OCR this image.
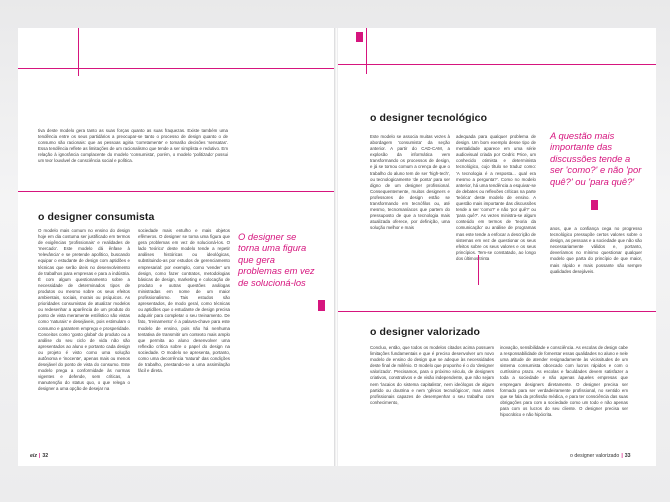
tiva deste modelo gera tanto as suas forças quanto as suas fraquezas. Existe também uma tendência entre os seus partidários a preocupar-se tanto o processo de design quanto o de consumo são racionais: que as pessoas agiria 'corretamente' e tomarão decisões 'sensatas'. Essa tendência reflete as limitações de um racionalismo que tende a ser simplista e redutivo. Em relação à ignorância complacente do modelo 'consumista', porém, o modelo 'politizado' possui um teor louvável de consciência social e política.

o designer consumista

O modelo mais comum no ensino do design hoje em dia costuma ser justificado em termos de exigências 'profissionais' e realidades de 'mercado'. Este modelo dá ênfase à 'relevância' e se pretende apolítico, buscando equipar o estudante de design com aptidões e técnicas que serão úteis no desenvolvimento de trabalhos para empresas e para a indústria. É com algum questionamento sobre a necessidade de determinados tipos de produtos ou mesmo sobre os seus efeitos ambientais, sociais, morais ou psíquicos. As prioridades consumistas de atualizar modelos ou redesenhar a aparência de um produto do ponto de vista meramente estilístico são vistas como 'naturais' e desejáveis, pois estimulam o consumo e garantem emprego e prosperidade. Conceitos como 'gosto global' do produto ou a análise do seu ciclo de vida não são apresentados ao aluno e portanto cada design ou projeto é visto como uma solução autônoma e 'inocente', apenas mais ou menos desejável do ponto de vista do consumo. Este modelo prega a conformidade às normas vigentes e defende, sem críticas, a manutenção do status quo, o que relega o designer a uma opção de desejar na

sociedade mais entulho e mais objetos efêmeros. O designer se torna uma figura que gera problemas em vez de solucioná-los. O lado 'teórico' deste modelo tende a repetir análises históricas ou ideológicas, substituindo-as por estudos de gerenciamento empresarial: por exemplo, como 'vender' um design, como fazer contratos, metodologias básicas de design, marketing e colocação de produto e outras questões análogas ministradas em nome de um maior profissionalismo. Tais estudos são apresentados, de modo geral, como técnicas ou aptidões que o estudante de design precisa adquirir para completar o seu treinamento. De fato, 'treinamento' é a palavra-chave para este modelo de ensino, pois não há nenhuma tentativa de transmitir um contexto mais amplo que permita ao aluno desenvolver uma reflexão crítica sobre o papel do design na sociedade. O modelo se apresenta, portanto, como uma decorrência 'natural' das condições de trabalho, prestando-se a uma assimilação fácil e direta.

O designer se torna uma figura que gera problemas em vez de solucioná-los

eiz | 32
o designer tecnológico

Este modelo se associa muitas vezes à abordagem 'consumista' da seção anterior. A partir do CAD-CAM, a explosão da informática vem transformando os processos de design, e já se tornou comum a crença de que o trabalho do aluno tem de ser 'high-tech', ou tecnologicamente 'de ponta' para ser digno de um designer profissional. Consequentemente, muitos designers e professores de design estão se transformando em tecnófilos ou, até mesmo, tecnomaníacos que partem do pressuposto de que a tecnologia mais atualizada oferece, por definição, uma solução melhor e mais

adequada para qualquer problema de design. Um bom exemplo desse tipo de mentalidade aparece em uma série audiovisual criada por Cedric Price, um conhecido otimista e determinista tecnológico, cujo título se traduz como: 'A tecnologia é a resposta... qual era mesmo a pergunta?'. Como no modelo anterior, há uma tendência a esquivar-se de debates ou reflexões críticas na parte 'teórica' deste modelo de ensino. A questão mais importante das discussões tende a ser 'como?' e não 'por quê?' ou 'para quê?'. As vezes ministra-se algum conteúdo em termos de 'teoria da comunicação' ou análise de programas mas este tende a enfocar a descrição de sistemas em vez de questionar os seus efeitos sobre os seus valores e os seus princípios. Tem-se constatado, ao longo dos últimos trinta

A questão mais importante das discussões tende a ser 'como?' e não 'por quê?' ou 'para quê?'

anos, que a confiança cega no progresso tecnológico pressupõe certos valores sobre o design, as pessoas e a sociedade que não são necessariamente válidos e, portanto, deveríamos no mínimo questionar qualquer modelo que parta do princípio de que maior, mais rápido e mais possante são sempre qualidades desejáveis.

o designer valorizado

Concluo, então, que todos os modelos citados acima possuem limitações fundamentais e que é preciso desenvolver um novo modelo de ensino do design que se adeque às necessidades deste final de milênio. O modelo que proponho é o do 'designer valorizado'. Precisamos, para o próximo século, de designers criativos, construtivos e de visão independente, que não sejam nem 'lacaios do sistema capitalista', nem ideólogos de algum partido ou doutrina e nem 'gênios tecnológicos', mas antes profissionais capazes de desempenhar o seu trabalho com conhecimento,

inovação, sensibilidade e consciência. As escolas de design cabe a responsabilidade de fomentar essas qualidades no aluno e nele uma atitude de atender resignadamente às vicissitudes de um sistema consumista obcecado com lucros rápidos e com o curtíssimo prazo. As escolas e faculdades devem satisfazer a toda a sociedade e não apenas àqueles empresas que empregam designers diretamente. O designer precisa ser formado para ser verdadeiramente profissional, no sentido em que se fala da profissão médica, e para ter consciência das suas obrigações para com a sociedade como um todo e não apenas para com os lucros do seu cliente. O designer precisa ser hipocrático e não hipócrita.

o designer valorizado | 33
